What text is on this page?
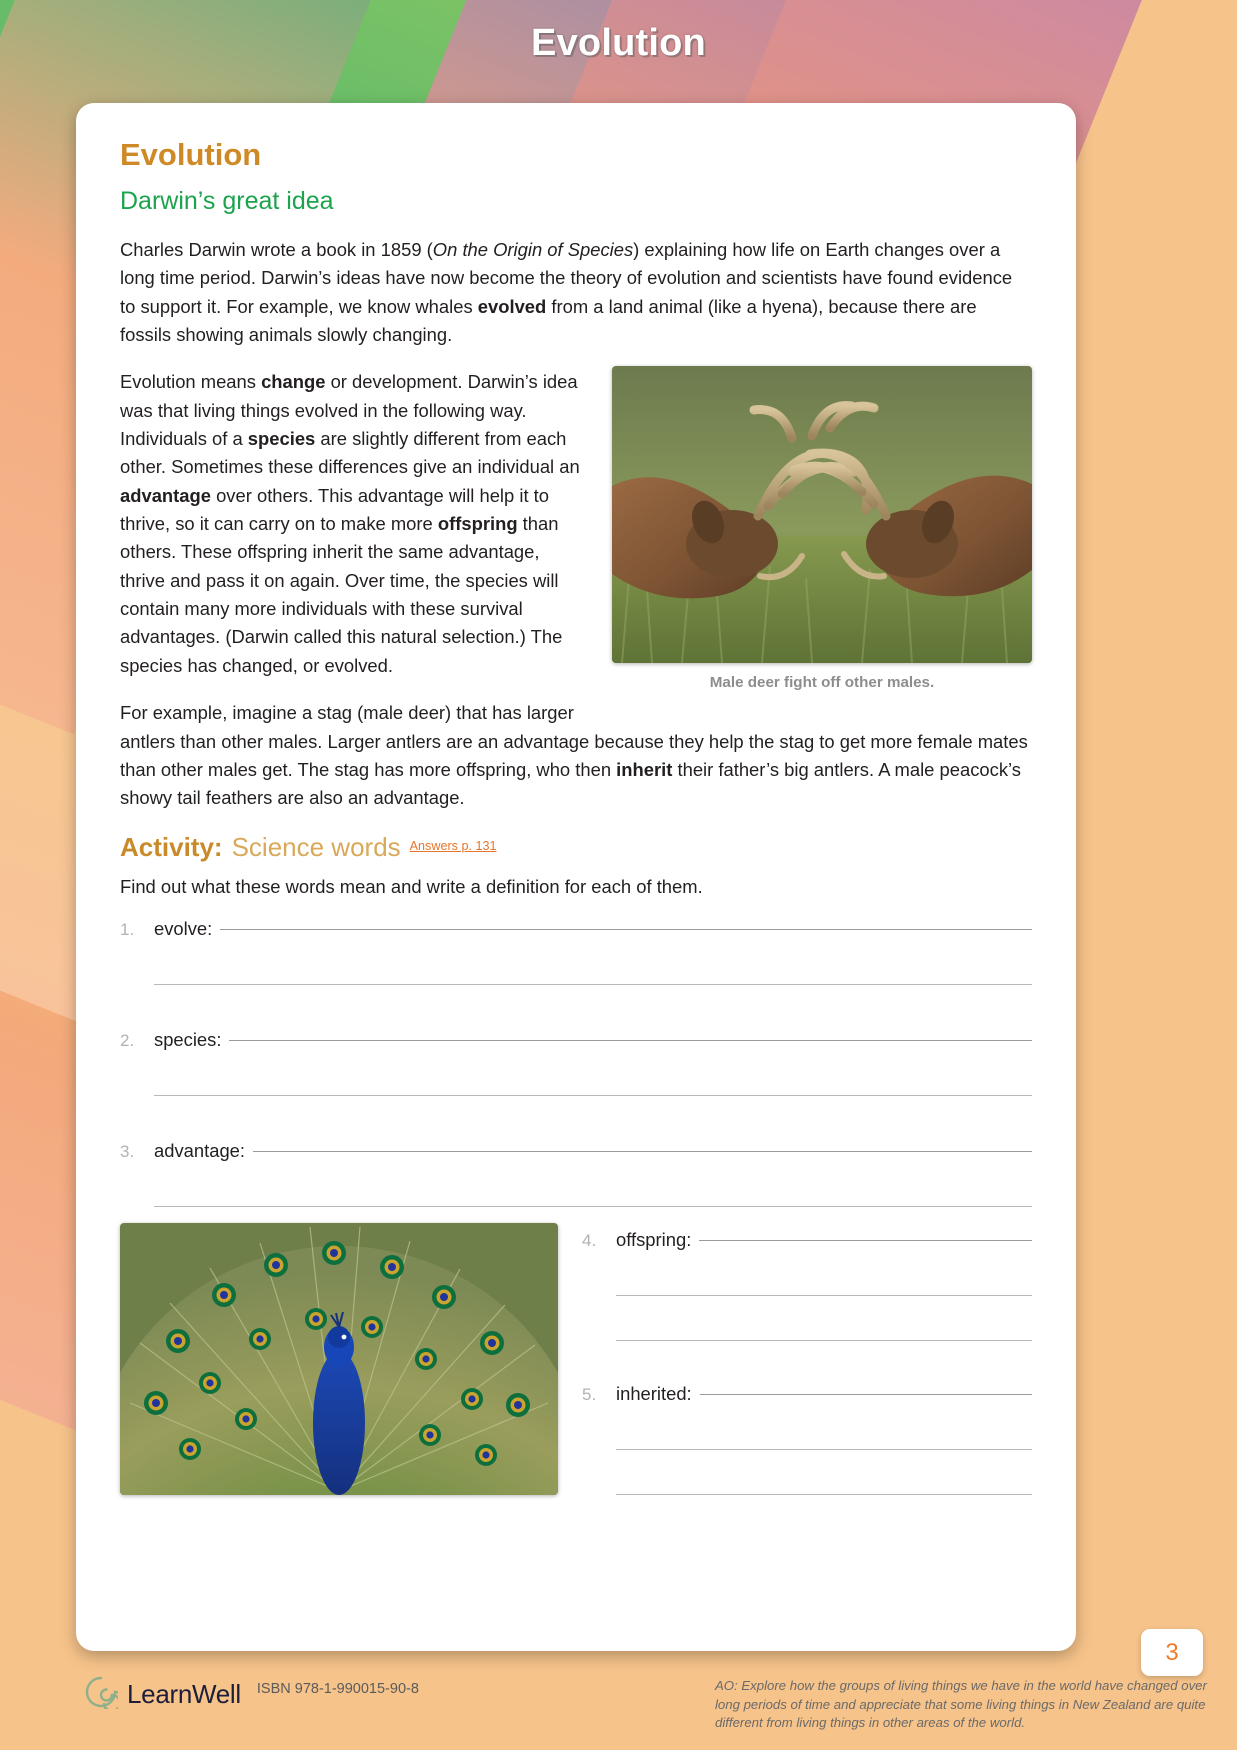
Evolution
Evolution
Darwin’s great idea

Charles Darwin wrote a book in 1859 (On the Origin of Species) explaining how life on Earth changes over a long time period. Darwin’s ideas have now become the theory of evolution and scientists have found evidence to support it. For example, we know whales evolved from a land animal (like a hyena), because there are fossils showing animals slowly changing.

Male deer fight off other males.

Evolution means change or development. Darwin’s idea was that living things evolved in the following way. Individuals of a species are slightly different from each other. Sometimes these differences give an individual an advantage over others. This advantage will help it to thrive, so it can carry on to make more offspring than others. These offspring inherit the same advantage, thrive and pass it on again. Over time, the species will contain many more individuals with these survival advantages. (Darwin called this natural selection.) The species has changed, or evolved.

For example, imagine a stag (male deer) that has larger antlers than other males. Larger antlers are an advantage because they help the stag to get more female mates than other males get. The stag has more offspring, who then inherit their father’s big antlers. A male peacock’s showy tail feathers are also an advantage.

Activity: Science words Answers p. 131
Find out what these words mean and write a definition for each of them.
1.	evolve:
2.	species:
3.	advantage:
4.	offspring:
5.	inherited:
LearnWell ISBN 978-1-990015-90-8	AO: Explore how the groups of living things we have in the world have changed over long periods of time and appreciate that some living things in New Zealand are quite different from living things in other areas of the world.
3
